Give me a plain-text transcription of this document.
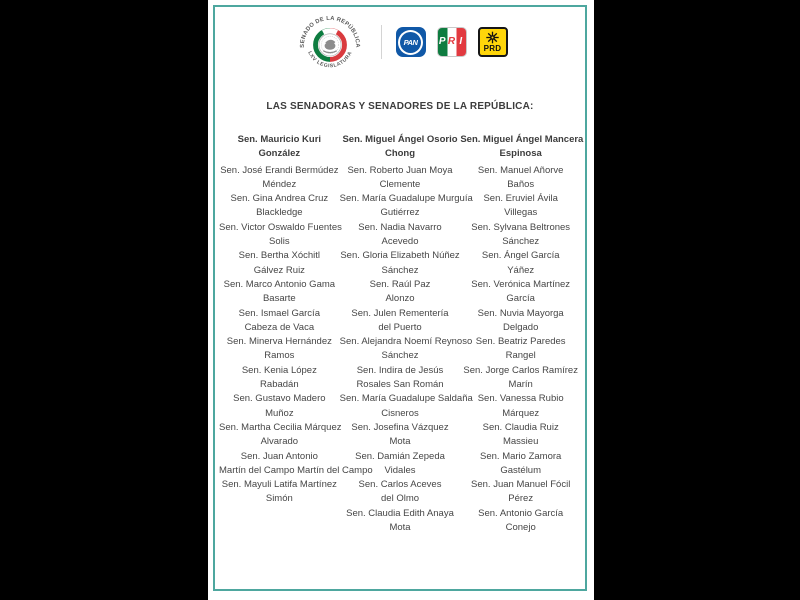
SENADO DE LA REPÚBLICA
LXV LEGISLATURA
PAN P R I
PRD
LAS SENADORAS Y SENADORES DE LA REPÚBLICA:
Sen. Mauricio Kuri
González
Sen. José Erandi Bermúdez
Méndez
Sen. Gina Andrea Cruz
Blackledge
Sen. Victor Oswaldo Fuentes
Solis
Sen. Bertha Xóchitl
Gálvez Ruiz
Sen. Marco Antonio Gama
Basarte
Sen. Ismael García
Cabeza de Vaca
Sen. Minerva Hernández
Ramos
Sen. Kenia López
Rabadán
Sen. Gustavo Madero
Muñoz
Sen. Martha Cecilia Márquez
Alvarado
Sen. Juan Antonio
Martín del Campo Martín del Campo
Sen. Mayuli Latifa Martínez
Simón
Sen. Miguel Ángel Osorio
Chong
Sen. Roberto Juan Moya
Clemente
Sen. María Guadalupe Murguía
Gutiérrez
Sen. Nadia Navarro
Acevedo
Sen. Gloria Elizabeth Núñez
Sánchez
Sen. Raúl Paz
Alonzo
Sen. Julen Rementería
del Puerto
Sen. Alejandra Noemí Reynoso
Sánchez
Sen. Indira de Jesús
Rosales San Román
Sen. María Guadalupe Saldaña
Cisneros
Sen. Josefina Vázquez
Mota
Sen. Damián Zepeda
Vidales
Sen. Carlos Aceves
del Olmo
Sen. Claudia Edith Anaya
Mota
Sen. Miguel Ángel Mancera
Espinosa
Sen. Manuel Añorve
Baños
Sen. Eruviel Ávila
Villegas
Sen. Sylvana Beltrones
Sánchez
Sen. Ángel García
Yáñez
Sen. Verónica Martínez
García
Sen. Nuvia Mayorga
Delgado
Sen. Beatriz Paredes
Rangel
Sen. Jorge Carlos Ramírez
Marín
Sen. Vanessa Rubio
Márquez
Sen. Claudia Ruiz
Massieu
Sen. Mario Zamora
Gastélum
Sen. Juan Manuel Fócil
Pérez
Sen. Antonio García
Conejo
